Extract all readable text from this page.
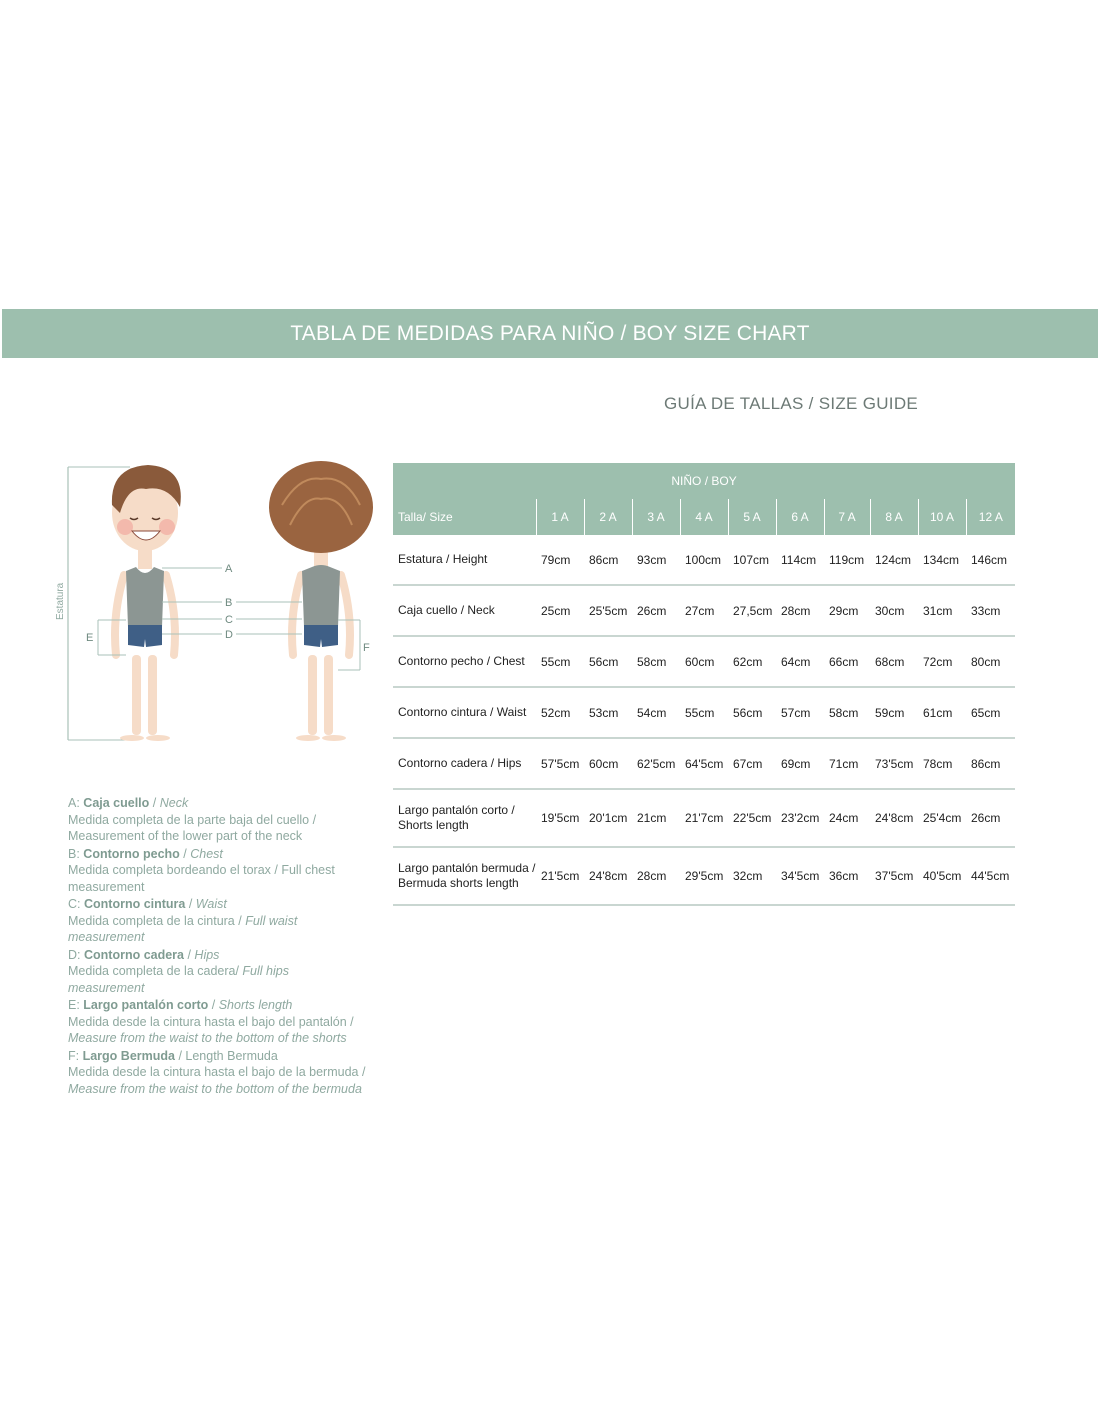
TABLA DE MEDIDAS PARA NIÑO / BOY SIZE CHART
GUÍA DE TALLAS / SIZE GUIDE
Estatura
A
B
C
D
E
F
NIÑO / BOY										
Talla/ Size	1 A	2 A	3 A	4 A	5 A	6 A	7 A	8 A	10 A	12 A
Estatura / Height	79cm	86cm	93cm	100cm	107cm	114cm	119cm	124cm	134cm	146cm
Caja cuello / Neck	25cm	25'5cm	26cm	27cm	27,5cm	28cm	29cm	30cm	31cm	33cm
Contorno pecho / Chest	55cm	56cm	58cm	60cm	62cm	64cm	66cm	68cm	72cm	80cm
Contorno cintura / Waist	52cm	53cm	54cm	55cm	56cm	57cm	58cm	59cm	61cm	65cm
Contorno cadera / Hips	57'5cm	60cm	62'5cm	64'5cm	67cm	69cm	71cm	73'5cm	78cm	86cm
Largo pantalón corto / Shorts length	19'5cm	20'1cm	21cm	21'7cm	22'5cm	23'2cm	24cm	24'8cm	25'4cm	26cm
Largo pantalón bermuda / Bermuda shorts length	21'5cm	24'8cm	28cm	29'5cm	32cm	34'5cm	36cm	37'5cm	40'5cm	44'5cm
A: Caja cuello / Neck
Medida completa de la parte baja del cuello / Measurement of the lower part of the neck
B: Contorno pecho / Chest
Medida completa bordeando el torax / Full chest measurement
C: Contorno cintura / Waist
Medida completa de la cintura / Full waist measurement
D: Contorno cadera / Hips
Medida completa de la cadera/ Full hips measurement
E: Largo pantalón corto / Shorts length
Medida desde la cintura hasta el bajo del pantalón / Measure from the waist to the bottom of the shorts
F: Largo Bermuda / Length Bermuda
Medida desde la cintura hasta el bajo de la bermuda / Measure from the waist to the bottom of the bermuda
